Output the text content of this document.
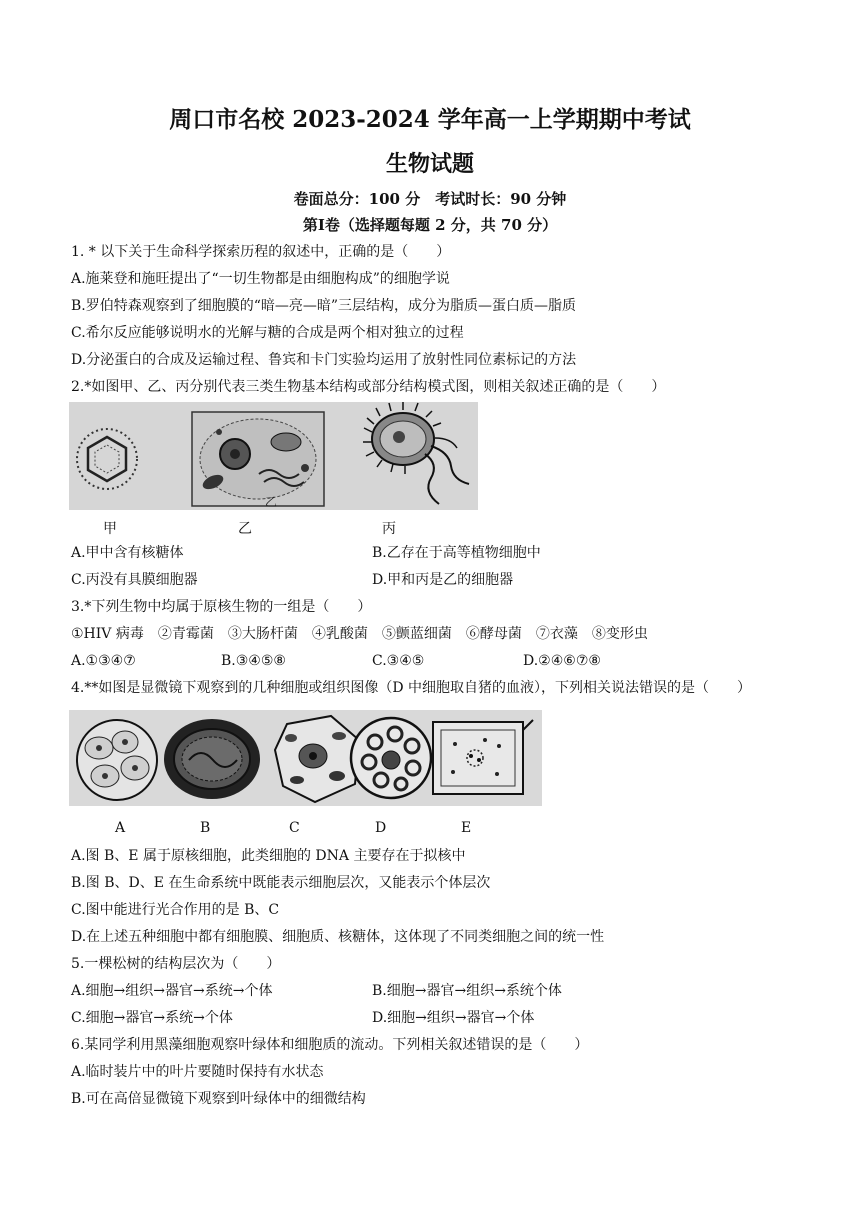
周口市名校 2023-2024 学年高一上学期期中考试
生物试题
卷面总分：100 分　考试时长：90 分钟
第Ⅰ卷（选择题每题 2 分，共 70 分）
1. * 以下关于生命科学探索历程的叙述中，正确的是（　　）
A.施莱登和施旺提出了“一切生物都是由细胞构成”的细胞学说
B.罗伯特森观察到了细胞膜的“暗—亮—暗”三层结构，成分为脂质—蛋白质—脂质
C.希尔反应能够说明水的光解与糖的合成是两个相对独立的过程
D.分泌蛋白的合成及运输过程、鲁宾和卡门实验均运用了放射性同位素标记的方法
2.*如图甲、乙、丙分别代表三类生物基本结构或部分结构模式图，则相关叙述正确的是（　　）
乙
甲	乙	丙
A.甲中含有核糖体	B.乙存在于高等植物细胞中
C.丙没有具膜细胞器	D.甲和丙是乙的细胞器
3.*下列生物中均属于原核生物的一组是（　　）
①HIV 病毒　②青霉菌　③大肠杆菌　④乳酸菌　⑤颤蓝细菌　⑥酵母菌　⑦衣藻　⑧变形虫
A.①③④⑦	B.③④⑤⑧	C.③④⑤	D.②④⑥⑦⑧
4.**如图是显微镜下观察到的几种细胞或组织图像（D 中细胞取自猪的血液），下列相关说法错误的是（　　）
A	B	C	D	E
A.图 B、E 属于原核细胞，此类细胞的 DNA 主要存在于拟核中
B.图 B、D、E 在生命系统中既能表示细胞层次，又能表示个体层次
C.图中能进行光合作用的是 B、C
D.在上述五种细胞中都有细胞膜、细胞质、核糖体，这体现了不同类细胞之间的统一性
5.一棵松树的结构层次为（　　）
A.细胞→组织→器官→系统→个体	B.细胞→器官→组织→系统个体
C.细胞→器官→系统→个体	D.细胞→组织→器官→个体
6.某同学利用黑藻细胞观察叶绿体和细胞质的流动。下列相关叙述错误的是（　　）
A.临时装片中的叶片要随时保持有水状态
B.可在高倍显微镜下观察到叶绿体中的细微结构
